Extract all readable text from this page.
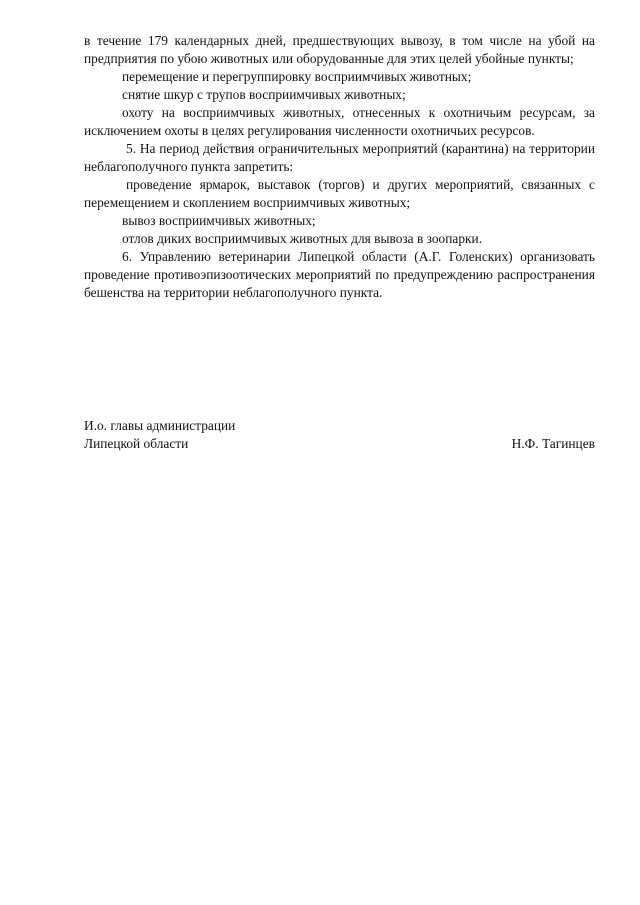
в течение 179 календарных дней, предшествующих вывозу, в том числе на убой на предприятия по убою животных или оборудованные для этих целей убойные пункты;

перемещение и перегруппировку восприимчивых животных;

снятие шкур с трупов восприимчивых животных;

охоту на восприимчивых животных, отнесенных к охотничьим ресурсам, за исключением охоты в целях регулирования численности охотничьих ресурсов.

5. На период действия ограничительных мероприятий (карантина) на территории неблагополучного пункта запретить:

проведение ярмарок, выставок (торгов) и других мероприятий, связанных с перемещением и скоплением восприимчивых животных;

вывоз восприимчивых животных;

отлов диких восприимчивых животных для вывоза в зоопарки.

6. Управлению ветеринарии Липецкой области (А.Г. Голенских) организовать проведение противоэпизоотических мероприятий по предупреждению распространения бешенства на территории неблагополучного пункта.

И.о. главы администрации
Липецкой области	Н.Ф. Тагинцев
